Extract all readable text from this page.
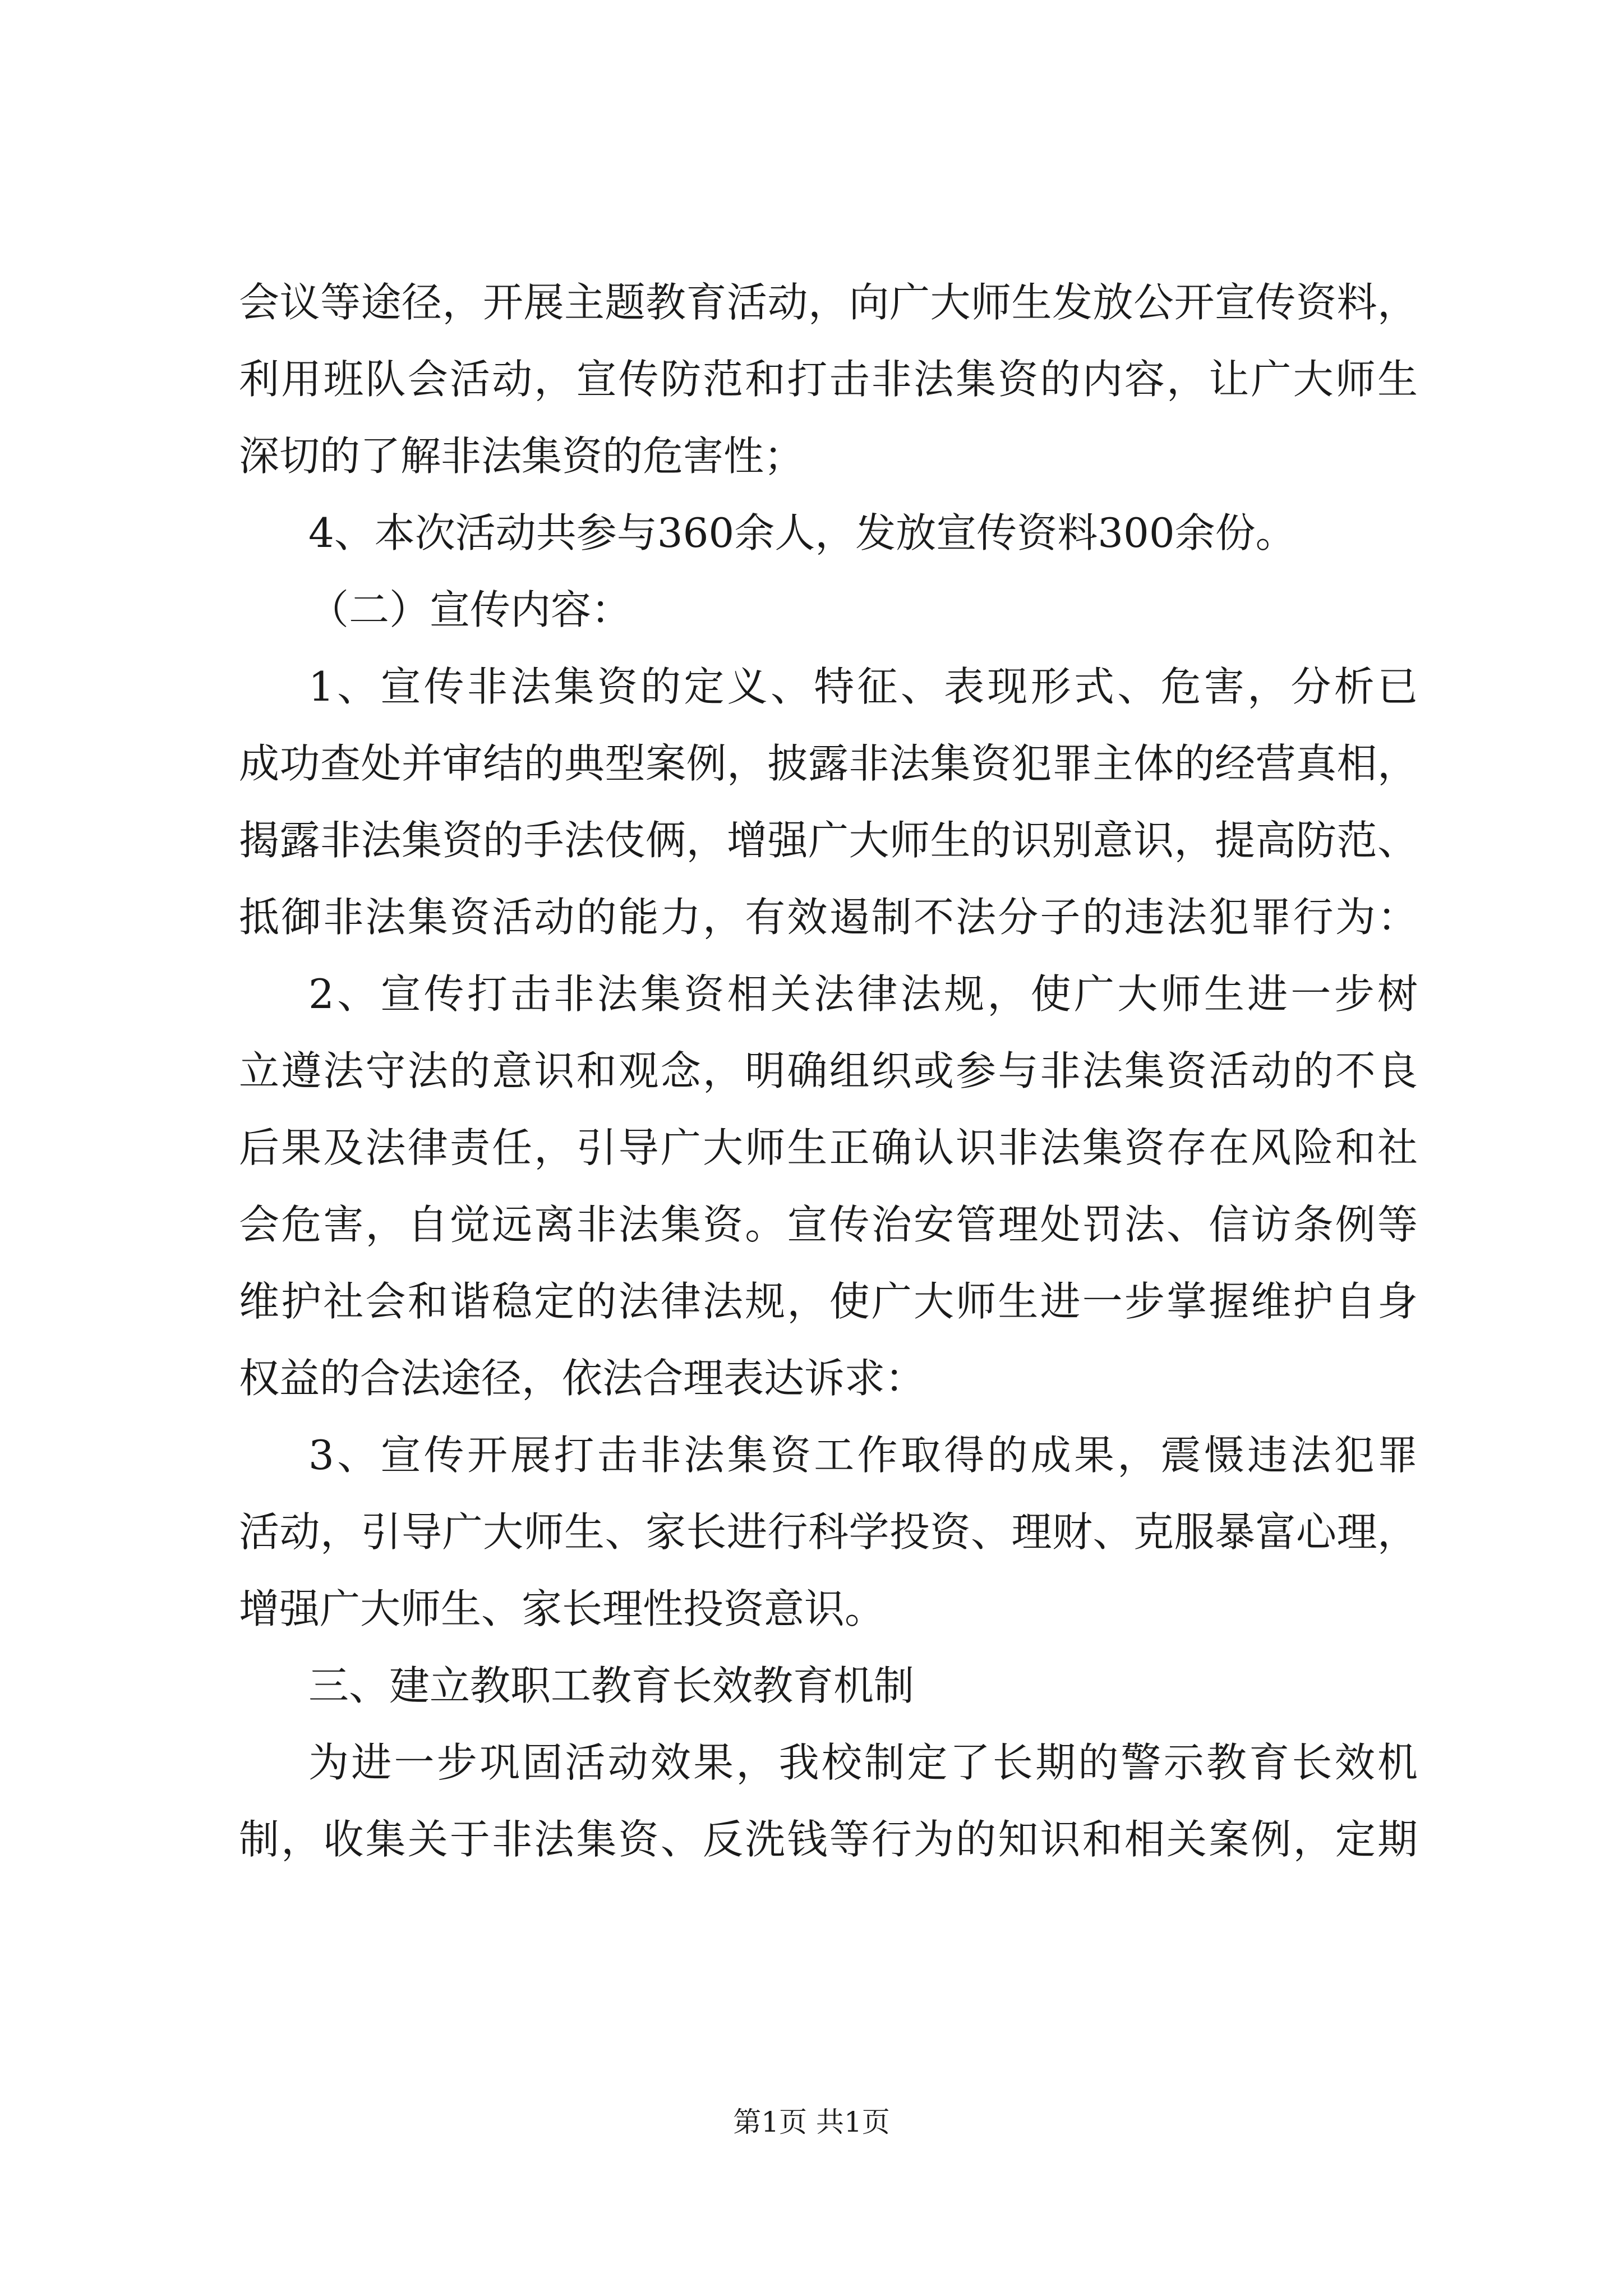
会议等途径，开展主题教育活动，向广大师生发放公开宣传资料，
利用班队会活动，宣传防范和打击非法集资的内容，让广大师生
深切的了解非法集资的危害性；
4、本次活动共参与360余人，发放宣传资料300余份。
（二）宣传内容：
1、宣传非法集资的定义、特征、表现形式、危害，分析已
成功查处并审结的典型案例，披露非法集资犯罪主体的经营真相，
揭露非法集资的手法伎俩，增强广大师生的识别意识，提高防范、
抵御非法集资活动的能力，有效遏制不法分子的违法犯罪行为：
2、宣传打击非法集资相关法律法规，使广大师生进一步树
立遵法守法的意识和观念，明确组织或参与非法集资活动的不良
后果及法律责任，引导广大师生正确认识非法集资存在风险和社
会危害，自觉远离非法集资。宣传治安管理处罚法、信访条例等
维护社会和谐稳定的法律法规，使广大师生进一步掌握维护自身
权益的合法途径，依法合理表达诉求：
3、宣传开展打击非法集资工作取得的成果，震慑违法犯罪
活动，引导广大师生、家长进行科学投资、理财、克服暴富心理，
增强广大师生、家长理性投资意识。
三、建立教职工教育长效教育机制
为进一步巩固活动效果，我校制定了长期的警示教育长效机
制，收集关于非法集资、反洗钱等行为的知识和相关案例，定期
第1页 共1页
